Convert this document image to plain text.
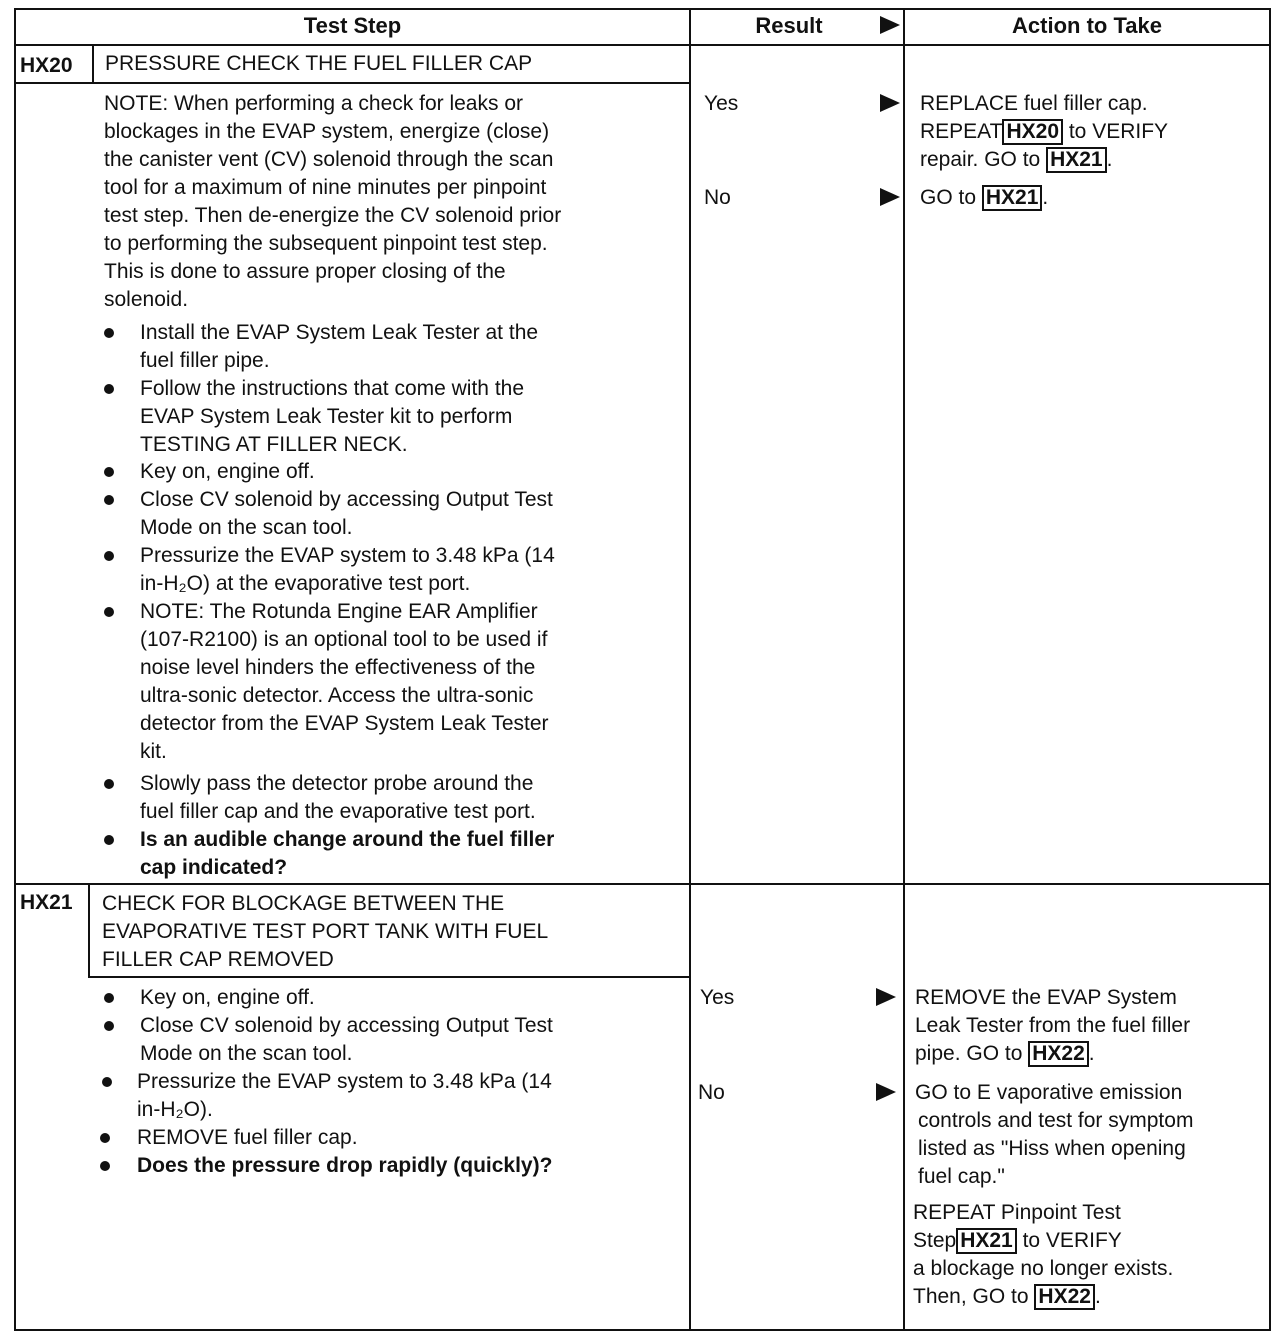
Test Step	Result	Action to Take
HX20 PRESSURE CHECK THE FUEL FILLER CAP
NOTE: When performing a check for leaks or
blockages in the EVAP system, energize (close)
the canister vent (CV) solenoid through the scan
tool for a maximum of nine minutes per pinpoint
test step. Then de-energize the CV solenoid prior
to performing the subsequent pinpoint test step.
This is done to assure proper closing of the
solenoid.
Install the EVAP System Leak Tester at the
fuel filler pipe.
Follow the instructions that come with the
EVAP System Leak Tester kit to perform
TESTING AT FILLER NECK.
Key on, engine off.
Close CV solenoid by accessing Output Test
Mode on the scan tool.
Pressurize the EVAP system to 3.48 kPa (14
in-H₂O) at the evaporative test port.
NOTE: The Rotunda Engine EAR Amplifier
(107-R2100) is an optional tool to be used if
noise level hinders the effectiveness of the
ultra-sonic detector. Access the ultra-sonic
detector from the EVAP System Leak Tester
kit.
Slowly pass the detector probe around the
fuel filler cap and the evaporative test port.
Is an audible change around the fuel filler
cap indicated?
Yes
No
REPLACE fuel filler cap.
REPEAT HX20 to VERIFY
repair. GO to HX21 .
GO to HX21 .
HX21 CHECK FOR BLOCKAGE BETWEEN THE
EVAPORATIVE TEST PORT TANK WITH FUEL
FILLER CAP REMOVED
Key on, engine off.
Close CV solenoid by accessing Output Test
Mode on the scan tool.
Pressurize the EVAP system to 3.48 kPa (14
in-H₂O).
REMOVE fuel filler cap.
Does the pressure drop rapidly (quickly)?
Yes
No
REMOVE the EVAP System
Leak Tester from the fuel filler
pipe. GO to HX22 .
GO to E vaporative emission
controls and test for symptom
listed as "Hiss when opening
fuel cap."
REPEAT Pinpoint Test
Step HX21 to VERIFY
a blockage no longer exists.
Then, GO to HX22 .
